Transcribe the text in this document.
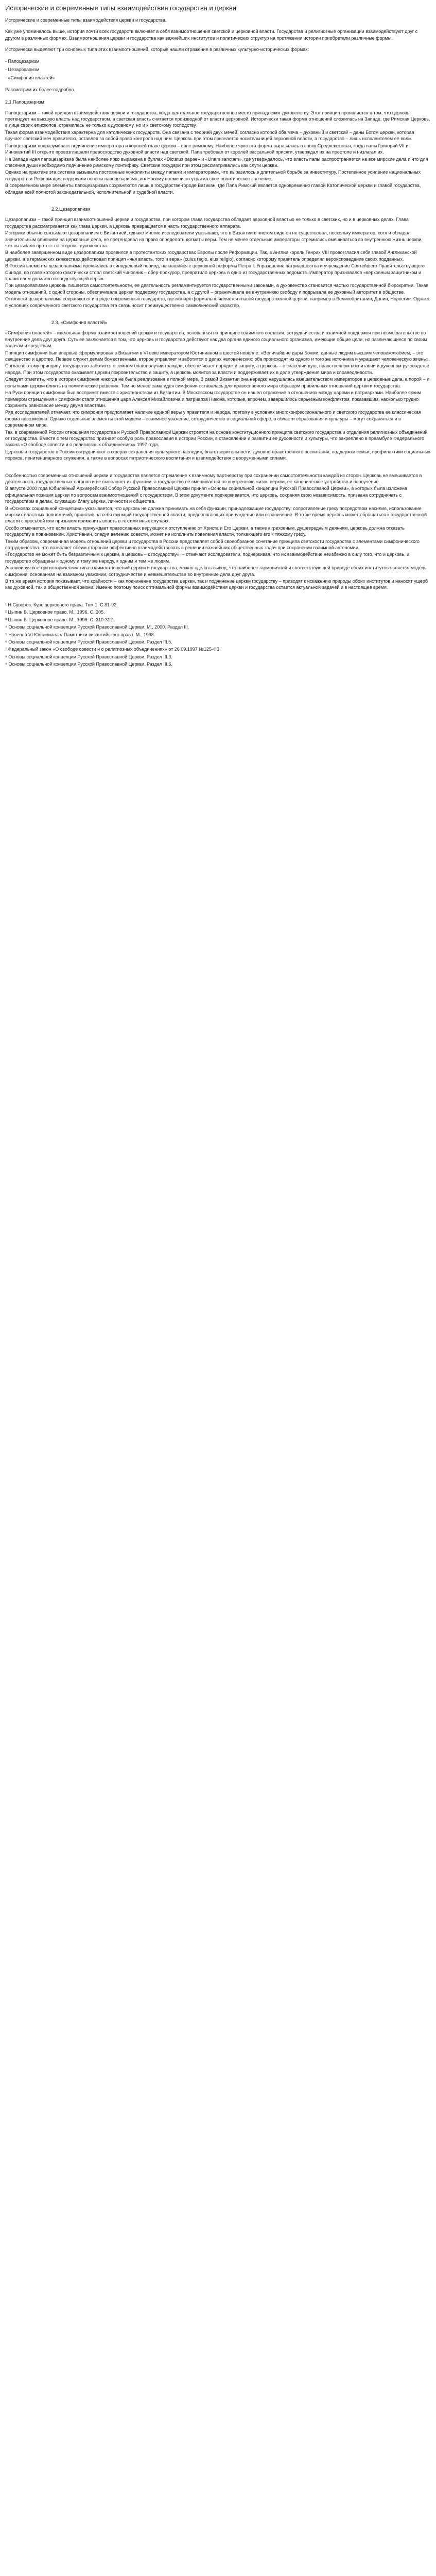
Исторические и современные типы взаимодействия государства и церкви

Исторические и современные типы взаимодействия церкви и государства.

Как уже упоминалось выше, история почти всех государств включает в себя взаимоотношения светской и церковной власти. Государства и религиозные организации взаимодействуют друг с другом в различных формах. Взаимоотношения церкви и государства как важнейших институтов и политических структур на протяжении истории приобретали различные формы.

Исторически выделяют три основных типа этих взаимоотношений, которые нашли отражение в различных культурно-исторических формах:

- Папоцезаризм
- Цезаропапизм
- «Симфония властей»

Рассмотрим их более подробно.

2.1.Папоцезаризм

Папоцезаризм – такой принцип взаимодействия церкви и государства, когда центральное государственное место принадлежит духовенству. Этот принцип проявляется в том, что церковь претендует на высшую власть над государством, а светская власть считается производной от власти церковной. Исторически такая форма отношений сложилась на Западе, где Римская Церковь, в лице своих епископов, стремилась не только к духовному, но и к светскому господству.

Такая форма взаимодействия характерна для католических государств. Она связана с теорией двух мечей, согласно которой оба меча – духовный и светский – даны Богом церкви, которая вручает светский меч правителю, оставляя за собой право контроля над ним. Церковь при этом признается носительницей верховной власти, а государство – лишь исполнителем ее воли.

Папоцезаризм подразумевает подчинение императора и королей главе церкви – папе римскому. Наиболее ярко эта форма выразилась в эпоху Средневековья, когда папы Григорий VII и Иннокентий III открыто провозглашали превосходство духовной власти над светской. Папа требовал от королей вассальной присяги, утверждал их на престоле и низлагал их.

На Западе идея папоцезаризма была наиболее ярко выражена в буллах «Dictatus papae» и «Unam sanctam», где утверждалось, что власть папы распространяется на все мирские дела и что для спасения души необходимо подчинение римскому понтифику. Светские государи при этом рассматривались как слуги церкви.

Однако на практике эта система вызывала постоянные конфликты между папами и императорами, что выразилось в длительной борьбе за инвеституру. Постепенное усиление национальных государств и Реформация подорвали основы папоцезаризма, и к Новому времени он утратил свое политическое значение.

В современном мире элементы папоцезаризма сохраняются лишь в государстве-городе Ватикан, где Папа Римский является одновременно главой Католической церкви и главой государства, обладая всей полнотой законодательной, исполнительной и судебной власти.

2.2.Цезаропапизм

Цезаропапизм – такой принцип взаимоотношений церкви и государства, при котором глава государства обладает верховной властью не только в светских, но и в церковных делах. Глава государства рассматривается как глава церкви, а церковь превращается в часть государственного аппарата.

Историки обычно связывают цезаропапизм с Византией, однако многие исследователи указывают, что в Византии в чистом виде он не существовал, поскольку император, хотя и обладал значительным влиянием на церковные дела, не претендовал на право определять догматы веры. Тем не менее отдельные императоры стремились вмешиваться во внутреннюю жизнь церкви, что вызывало протест со стороны духовенства.

В наиболее завершенном виде цезаропапизм проявился в протестантских государствах Европы после Реформации. Так, в Англии король Генрих VIII провозгласил себя главой Англиканской церкви, а в германских княжествах действовал принцип «чья власть, того и вера» (cuius regio, eius religio), согласно которому правитель определял вероисповедание своих подданных.

В России элементы цезаропапизма проявились в синодальный период, начавшийся с церковной реформы Петра I. Упразднение патриаршества и учреждение Святейшего Правительствующего Синода, во главе которого фактически стоял светский чиновник – обер-прокурор, превратило церковь в одно из государственных ведомств. Император признавался «верховным защитником и хранителем догматов господствующей веры».

При цезаропапизме церковь лишается самостоятельности, ее деятельность регламентируется государственными законами, а духовенство становится частью государственной бюрократии. Такая модель отношений, с одной стороны, обеспечивала церкви поддержку государства, а с другой – ограничивала ее внутреннюю свободу и подрывала ее духовный авторитет в обществе.

Отголоски цезаропапизма сохраняются и в ряде современных государств, где монарх формально является главой государственной церкви, например в Великобритании, Дании, Норвегии. Однако в условиях современного светского государства эта связь носит преимущественно символический характер.

2.3. «Симфония властей»

«Симфония властей» – идеальная форма взаимоотношений церкви и государства, основанная на принципе взаимного согласия, сотрудничества и взаимной поддержки при невмешательстве во внутренние дела друг друга. Суть ее заключается в том, что церковь и государство действуют как два органа единого социального организма, имеющие общие цели, но различающиеся по своим задачам и средствам.

Принцип симфонии был впервые сформулирован в Византии в VI веке императором Юстинианом в шестой новелле: «Величайшие дары Божии, данные людям высшим человеколюбием, – это священство и царство. Первое служит делам божественным, второе управляет и заботится о делах человеческих; оба происходят из одного и того же источника и украшают человеческую жизнь».

Согласно этому принципу, государство заботится о земном благополучии граждан, обеспечивает порядок и защиту, а церковь – о спасении душ, нравственном воспитании и духовном руководстве народа. При этом государство оказывает церкви покровительство и защиту, а церковь молится за власти и поддерживает их в деле утверждения мира и справедливости.

Следует отметить, что в истории симфония никогда не была реализована в полной мере. В самой Византии она нередко нарушалась вмешательством императоров в церковные дела, а порой – и попытками церкви влиять на политические решения. Тем не менее сама идея симфонии оставалась для православного мира образцом правильных отношений церкви и государства.

На Руси принцип симфонии был воспринят вместе с христианством из Византии. В Московском государстве он нашел отражение в отношениях между царями и патриархами. Наиболее ярким примером стремления к симфонии стали отношения царя Алексея Михайловича и патриарха Никона, которые, впрочем, завершились серьезным конфликтом, показавшим, насколько трудно сохранить равновесие между двумя властями.

Ряд исследователей отмечает, что симфония предполагает наличие единой веры у правителя и народа, поэтому в условиях многоконфессионального и светского государства ее классическая форма невозможна. Однако отдельные элементы этой модели – взаимное уважение, сотрудничество в социальной сфере, в области образования и культуры – могут сохраняться и в современном мире.

Так, в современной России отношения государства и Русской Православной Церкви строятся на основе конституционного принципа светского государства и отделения религиозных объединений от государства. Вместе с тем государство признает особую роль православия в истории России, в становлении и развитии ее духовности и культуры, что закреплено в преамбуле Федерального закона «О свободе совести и о религиозных объединениях» 1997 года.

Церковь и государство в России сотрудничают в сферах сохранения культурного наследия, благотворительности, духовно-нравственного воспитания, поддержки семьи, профилактики социальных пороков, пенитенциарного служения, а также в вопросах патриотического воспитания и взаимодействия с вооруженными силами.

Особенностью современных отношений церкви и государства является стремление к взаимному партнерству при сохранении самостоятельности каждой из сторон. Церковь не вмешивается в деятельность государственных органов и не выполняет их функции, а государство не вмешивается во внутреннюю жизнь церкви, ее каноническое устройство и вероучение.

В августе 2000 года Юбилейный Архиерейский Собор Русской Православной Церкви принял «Основы социальной концепции Русской Православной Церкви», в которых была изложена официальная позиция церкви по вопросам взаимоотношений с государством. В этом документе подчеркивается, что церковь, сохраняя свою независимость, призвана сотрудничать с государством в делах, служащих благу церкви, личности и общества.

В «Основах социальной концепции» указывается, что церковь не должна принимать на себя функции, принадлежащие государству: сопротивление греху посредством насилия, использование мирских властных полномочий, принятие на себя функций государственной власти, предполагающих принуждение или ограничение. В то же время церковь может обращаться к государственной власти с просьбой или призывом применить власть в тех или иных случаях.

Особо отмечается, что если власть принуждает православных верующих к отступлению от Христа и Его Церкви, а также к греховным, душевредным деяниям, церковь должна отказать государству в повиновении. Христианин, следуя велению совести, может не исполнить повеления власти, толкающего его к тяжкому греху.

Таким образом, современная модель отношений церкви и государства в России представляет собой своеобразное сочетание принципа светскости государства с элементами симфонического сотрудничества, что позволяет обеим сторонам эффективно взаимодействовать в решении важнейших общественных задач при сохранении взаимной автономии.

«Государство не может быть безразличным к церкви, а церковь – к государству», – отмечают исследователи, подчеркивая, что их взаимодействие неизбежно в силу того, что и церковь, и государство обращены к одному и тому же народу, к одним и тем же людям.

Анализируя все три исторических типа взаимоотношений церкви и государства, можно сделать вывод, что наиболее гармоничной и соответствующей природе обоих институтов является модель симфонии, основанная на взаимном уважении, сотрудничестве и невмешательстве во внутренние дела друг друга.

В то же время история показывает, что крайности – как подчинение государства церкви, так и подчинение церкви государству – приводят к искажению природы обоих институтов и наносят ущерб как духовной, так и общественной жизни. Именно поэтому поиск оптимальной формы взаимодействия церкви и государства остается актуальной задачей и в настоящее время.

¹ Н.Суворов. Курс церковного права. Том 1, С.81-92.
² Цыпин В. Церковное право. М., 1996. С. 305.
³ Цыпин В. Церковное право. М., 1996. С. 310-312.
⁴ Основы социальной концепции Русской Православной Церкви. М., 2000. Раздел III.
⁵ Новелла VI Юстиниана // Памятники византийского права. М., 1998.
⁶ Основы социальной концепции Русской Православной Церкви. Раздел III.5.
⁷ Федеральный закон «О свободе совести и о религиозных объединениях» от 26.09.1997 №125-ФЗ.
⁸ Основы социальной концепции Русской Православной Церкви. Раздел III.3.
⁹ Основы социальной концепции Русской Православной Церкви. Раздел III.6.
